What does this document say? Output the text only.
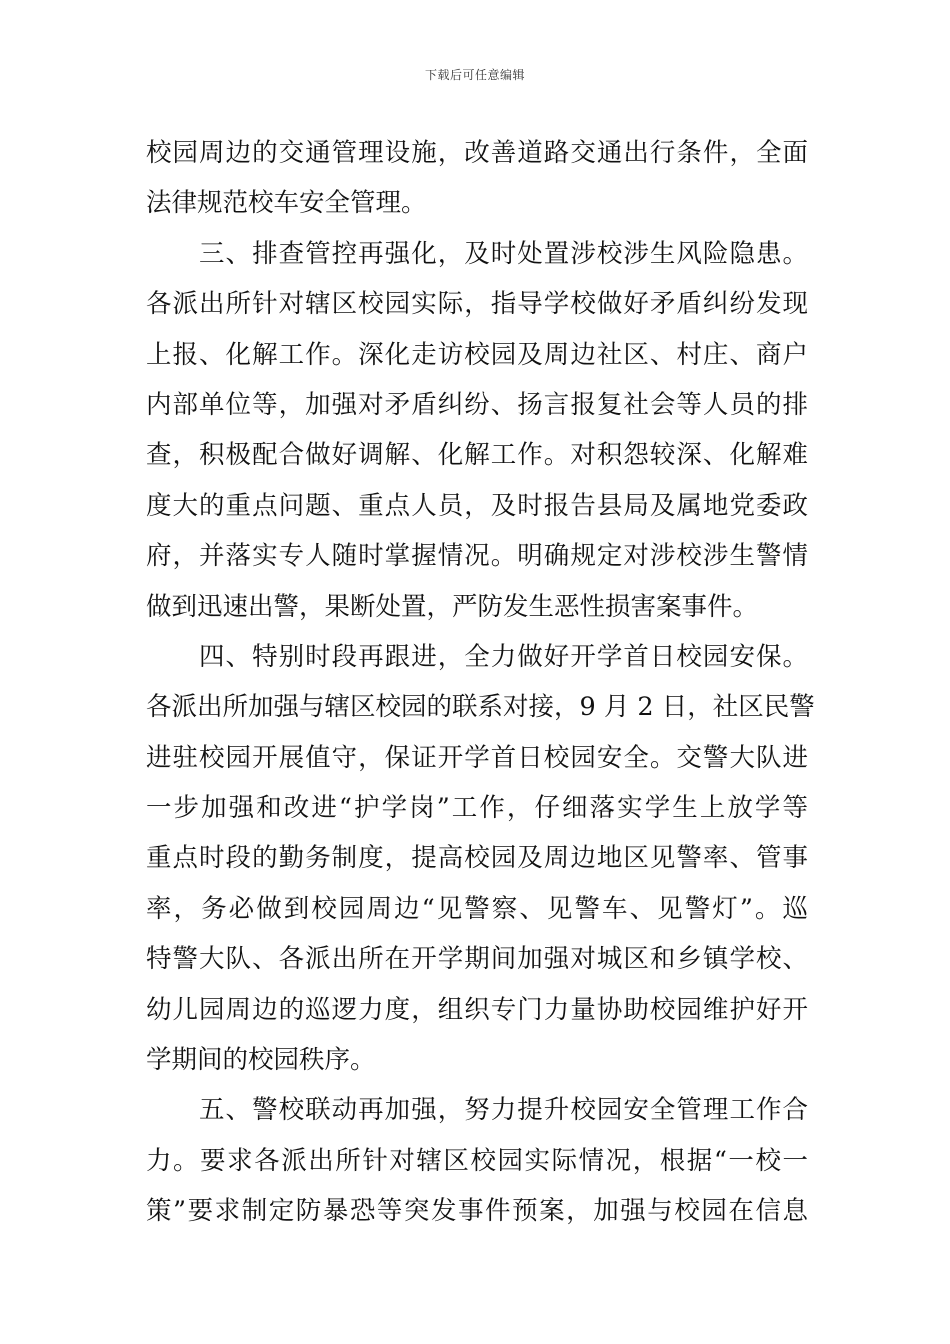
下载后可任意编辑
校园周边的交通管理设施，改善道路交通出行条件，全面
法律规范校车安全管理。
　　三、排查管控再强化，及时处置涉校涉生风险隐患。
各派出所针对辖区校园实际，指导学校做好矛盾纠纷发现
上报、化解工作。深化走访校园及周边社区、村庄、商户
内部单位等，加强对矛盾纠纷、扬言报复社会等人员的排
查，积极配合做好调解、化解工作。对积怨较深、化解难
度大的重点问题、重点人员，及时报告县局及属地党委政
府，并落实专人随时掌握情况。明确规定对涉校涉生警情
做到迅速出警，果断处置，严防发生恶性损害案事件。
　　四、特别时段再跟进，全力做好开学首日校园安保。
各派出所加强与辖区校园的联系对接，9 月 2 日，社区民警
进驻校园开展值守，保证开学首日校园安全。交警大队进
一步加强和改进“护学岗”工作，仔细落实学生上放学等
重点时段的勤务制度，提高校园及周边地区见警率、管事
率，务必做到校园周边“见警察、见警车、见警灯”。巡
特警大队、各派出所在开学期间加强对城区和乡镇学校、
幼儿园周边的巡逻力度，组织专门力量协助校园维护好开
学期间的校园秩序。
　　五、警校联动再加强，努力提升校园安全管理工作合
力。要求各派出所针对辖区校园实际情况，根据“一校一
策”要求制定防暴恐等突发事件预案，加强与校园在信息
